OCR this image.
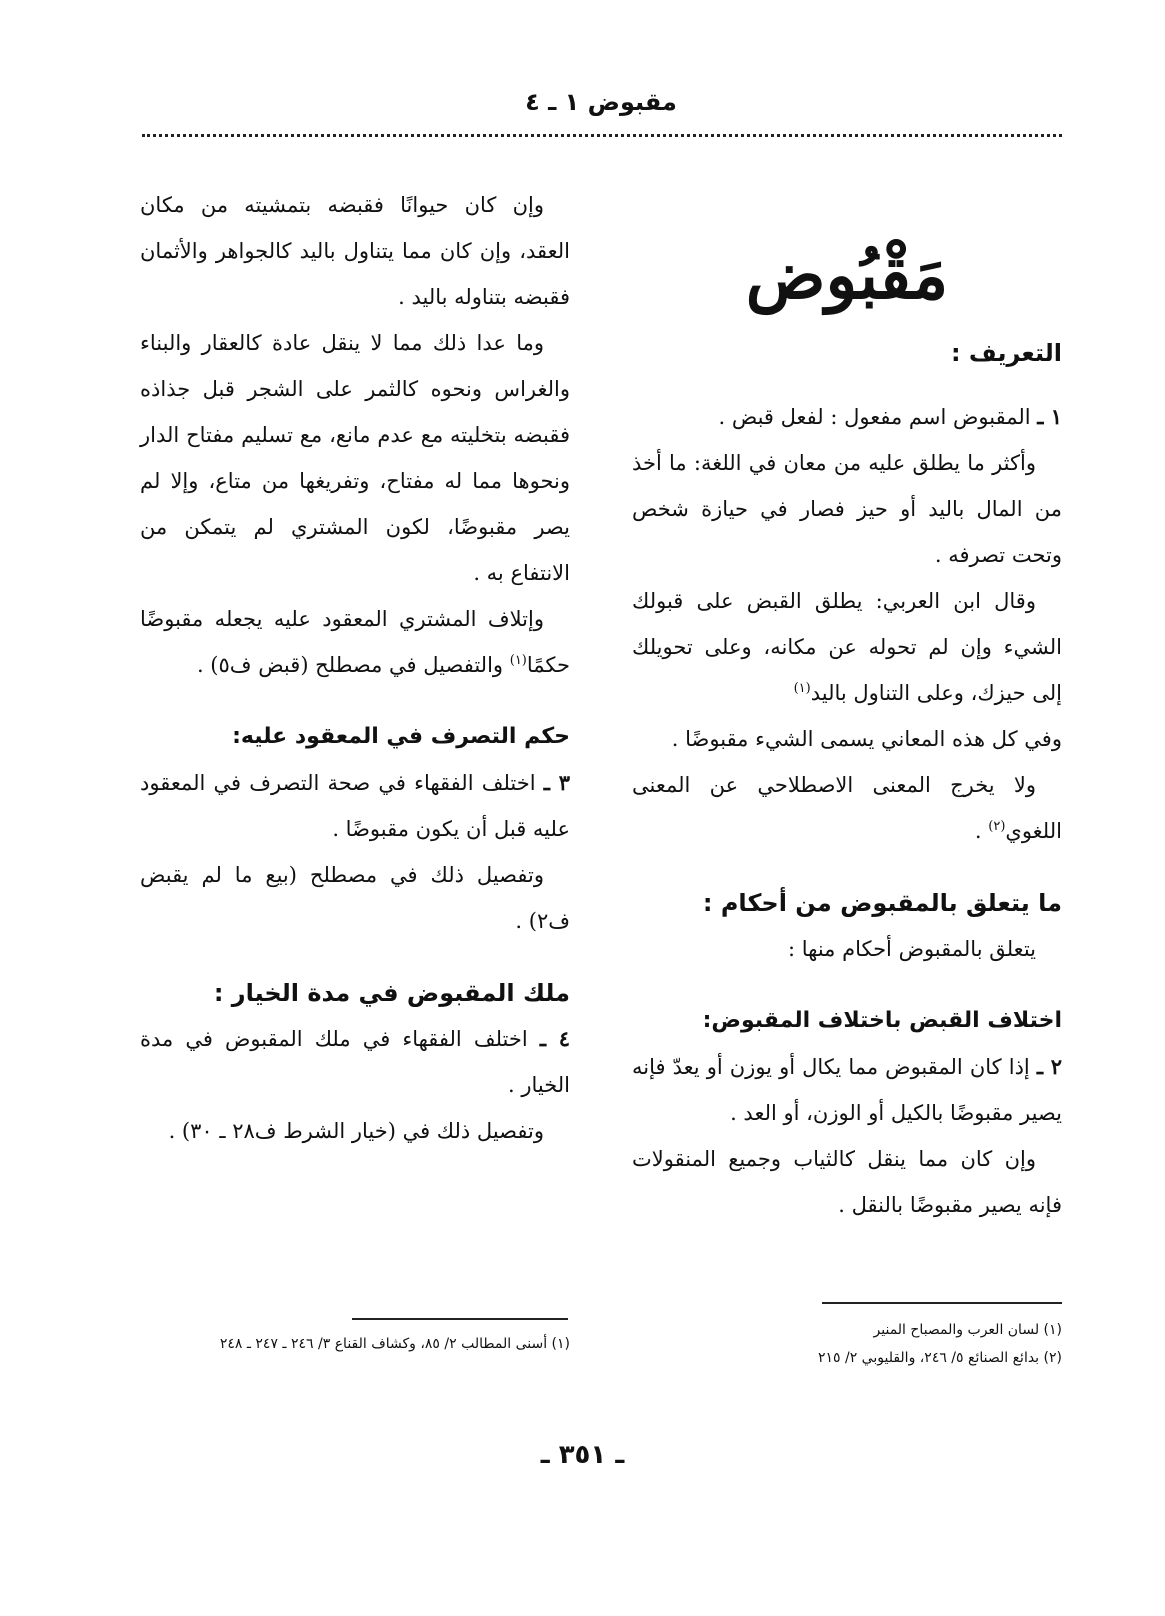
مقبوض ١ ـ ٤
مَقْبُوض

التعريف :

١ ـ المقبوض اسم مفعول : لفعل قبض .

وأكثر ما يطلق عليه من معان في اللغة: ما أخذ من المال باليد أو حيز فصار في حيازة شخص وتحت تصرفه .

وقال ابن العربي: يطلق القبض على قبولك الشيء وإن لم تحوله عن مكانه، وعلى تحويلك إلى حيزك، وعلى التناول باليد$^{(١)}$

وفي كل هذه المعاني يسمى الشيء مقبوضًا .

ولا يخرج المعنى الاصطلاحي عن المعنى اللغوي$^{(٢)}$ .

ما يتعلق بالمقبوض من أحكام :

يتعلق بالمقبوض أحكام منها :

اختلاف القبض باختلاف المقبوض:

٢ ـ إذا كان المقبوض مما يكال أو يوزن أو يعدّ فإنه يصير مقبوضًا بالكيل أو الوزن، أو العد .

وإن كان مما ينقل كالثياب وجميع المنقولات فإنه يصير مقبوضًا بالنقل .

وإن كان حيوانًا فقبضه بتمشيته من مكان العقد، وإن كان مما يتناول باليد كالجواهر والأثمان فقبضه بتناوله باليد .

وما عدا ذلك مما لا ينقل عادة كالعقار والبناء والغراس ونحوه كالثمر على الشجر قبل جذاذه فقبضه بتخليته مع عدم مانع، مع تسليم مفتاح الدار ونحوها مما له مفتاح، وتفريغها من متاع، وإلا لم يصر مقبوضًا، لكون المشتري لم يتمكن من الانتفاع به .

وإتلاف المشتري المعقود عليه يجعله مقبوضًا حكمًا$^{(١)}$ والتفصيل في مصطلح (قبض ف٥) .

حكم التصرف في المعقود عليه:

٣ ـ اختلف الفقهاء في صحة التصرف في المعقود عليه قبل أن يكون مقبوضًا .

وتفصيل ذلك في مصطلح (بيع ما لم يقبض ف٢) .

ملك المقبوض في مدة الخيار :

٤ ـ اختلف الفقهاء في ملك المقبوض في مدة الخيار .

وتفصيل ذلك في (خيار الشرط ف٢٨ ـ ٣٠) .

(١) لسان العرب والمصباح المنير
(٢) بدائع الصنائع ٥/ ٢٤٦، والقليوبي ٢/ ٢١٥
(١) أسنى المطالب ٢/ ٨٥، وكشاف القناع ٣/ ٢٤٦ ـ ٢٤٧ ـ ٢٤٨
ـ ٣٥١ ـ
